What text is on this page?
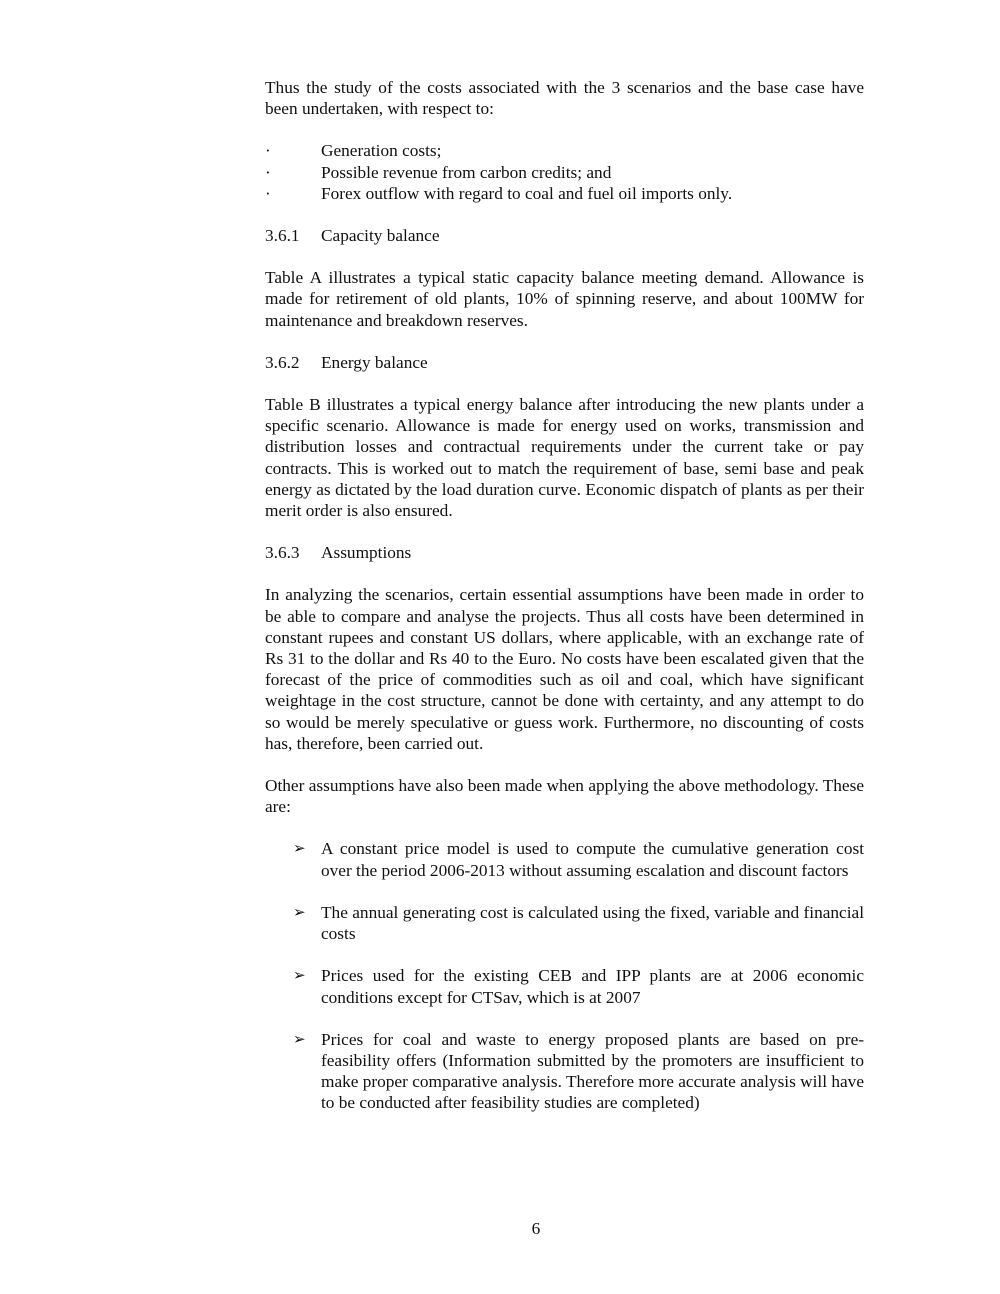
Thus the study of the costs associated with the 3 scenarios and the base case have been undertaken, with respect to:

·	Generation costs;
·	Possible revenue from carbon credits; and
·	Forex outflow with regard to coal and fuel oil imports only.
3.6.1	Capacity balance

Table A illustrates a typical static capacity balance meeting demand. Allowance is made for retirement of old plants, 10% of spinning reserve, and about 100MW for maintenance and breakdown reserves.

3.6.2	Energy balance

Table B illustrates a typical energy balance after introducing the new plants under a specific scenario. Allowance is made for energy used on works, transmission and distribution losses and contractual requirements under the current take or pay contracts. This is worked out to match the requirement of base, semi base and peak energy as dictated by the load duration curve. Economic dispatch of plants as per their merit order is also ensured.

3.6.3	Assumptions

In analyzing the scenarios, certain essential assumptions have been made in order to be able to compare and analyse the projects. Thus all costs have been determined in constant rupees and constant US dollars, where applicable, with an exchange rate of Rs 31 to the dollar and Rs 40 to the Euro. No costs have been escalated given that the forecast of the price of commodities such as oil and coal, which have significant weightage in the cost structure, cannot be done with certainty, and any attempt to do so would be merely speculative or guess work. Furthermore, no discounting of costs has, therefore, been carried out.

Other assumptions have also been made when applying the above methodology. These are:

➢ A constant price model is used to compute the cumulative generation cost over the period 2006-2013 without assuming escalation and discount factors
➢ The annual generating cost is calculated using the fixed, variable and financial costs
➢ Prices used for the existing CEB and IPP plants are at 2006 economic conditions except for CTSav, which is at 2007
➢ Prices for coal and waste to energy proposed plants are based on pre-feasibility offers (Information submitted by the promoters are insufficient to make proper comparative analysis. Therefore more accurate analysis will have to be conducted after feasibility studies are completed)
6
